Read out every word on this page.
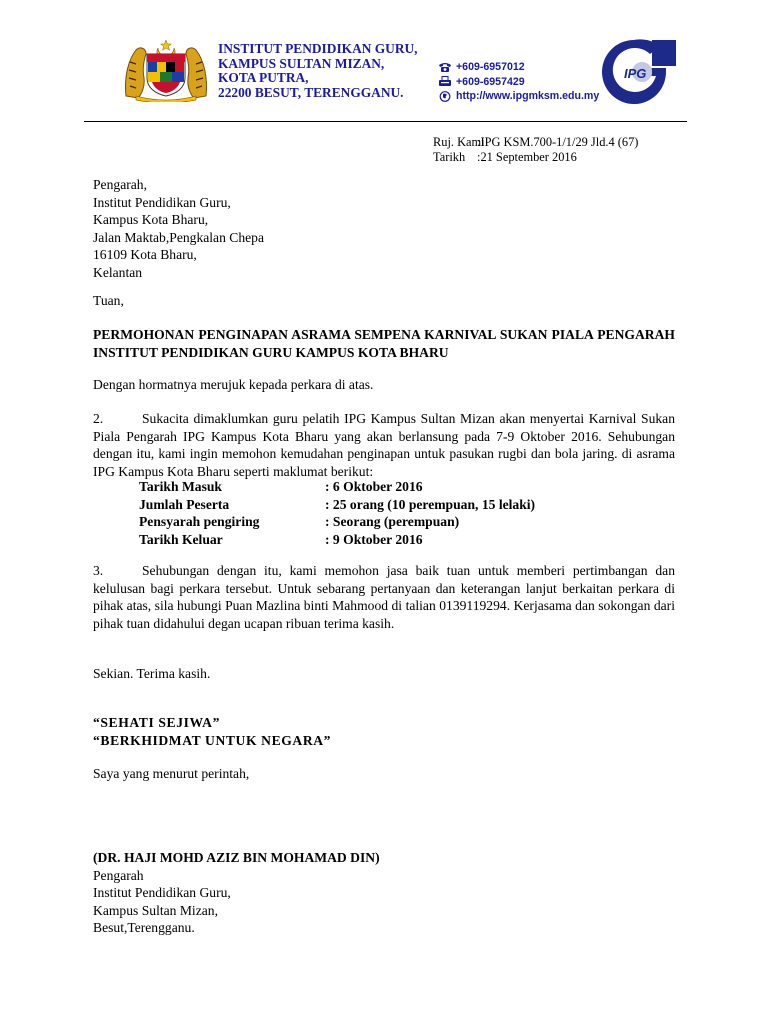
INSTITUT PENDIDIKAN GURU,
KAMPUS SULTAN MIZAN,
KOTA PUTRA,
22200 BESUT, TERENGGANU.
+609-6957012
+609-6957429
http://www.ipgmksm.edu.my
IPG
Ruj. Kami
:IPG KSM.700-1/1/29 Jld.4 (67)
Tarikh :21 September 2016
Pengarah,
Institut Pendidikan Guru,
Kampus Kota Bharu,
Jalan Maktab,Pengkalan Chepa
16109 Kota Bharu,
Kelantan
Tuan,
PERMOHONAN PENGINAPAN ASRAMA SEMPENA KARNIVAL SUKAN PIALA PENGARAH INSTITUT PENDIDIKAN GURU KAMPUS KOTA BHARU
Dengan hormatnya merujuk kepada perkara di atas.
2.	Sukacita dimaklumkan guru pelatih IPG Kampus Sultan Mizan akan menyertai Karnival Sukan Piala Pengarah IPG Kampus Kota Bharu yang akan berlansung pada 7-9 Oktober 2016. Sehubungan dengan itu, kami ingin memohon kemudahan penginapan untuk pasukan rugbi dan bola jaring. di asrama IPG Kampus Kota Bharu seperti maklumat berikut:
Tarikh Masuk	: 6 Oktober 2016
Jumlah Peserta	: 25 orang (10 perempuan, 15 lelaki)
Pensyarah pengiring	: Seorang (perempuan)
Tarikh Keluar	: 9 Oktober 2016
3.	Sehubungan dengan itu, kami memohon jasa baik tuan untuk memberi pertimbangan dan kelulusan bagi perkara tersebut. Untuk sebarang pertanyaan dan keterangan lanjut berkaitan perkara di pihak atas, sila hubungi Puan Mazlina binti Mahmood di talian 0139119294. Kerjasama dan sokongan dari pihak tuan didahului degan ucapan ribuan terima kasih.
Sekian. Terima kasih.
“SEHATI SEJIWA”
“BERKHIDMAT UNTUK NEGARA”
Saya yang menurut perintah,
(DR. HAJI MOHD AZIZ BIN MOHAMAD DIN)
Pengarah
Institut Pendidikan Guru,
Kampus Sultan Mizan,
Besut,Terengganu.
